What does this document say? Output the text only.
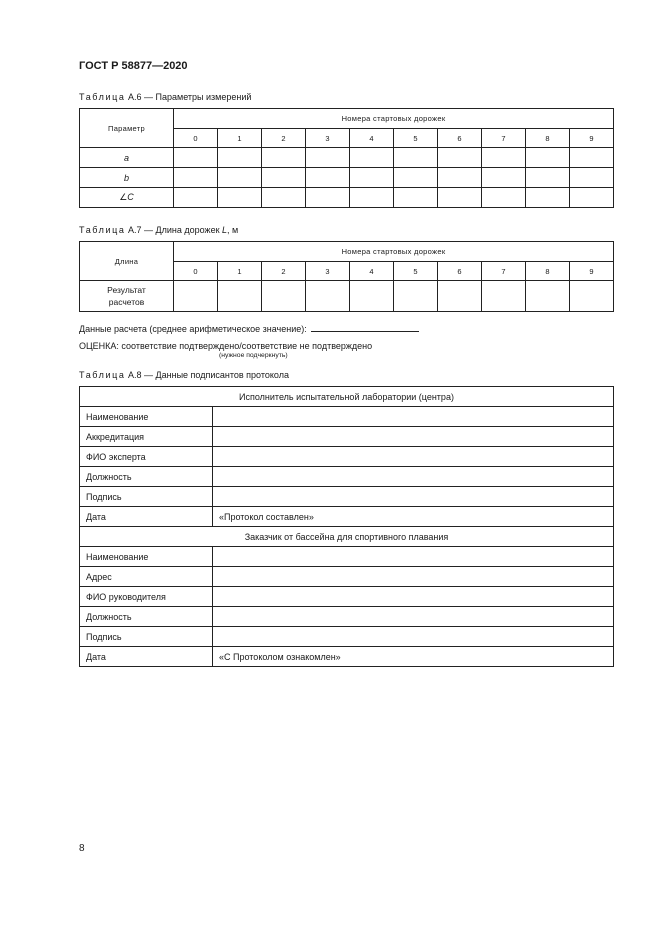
ГОСТ Р 58877—2020
Таблица А.6 — Параметры измерений
Параметр	Номера стартовых дорожек									
	0	1	2	3	4	5	6	7	8	9
a										
b										
∠C										
Таблица А.7 — Длина дорожек L, м
Длина	Номера стартовых дорожек									
	0	1	2	3	4	5	6	7	8	9

Результат
расчетов										

Данные расчета (среднее арифметическое значение):
ОЦЕНКА: соответствие подтверждено/соответствие не подтверждено
(нужное подчеркнуть)
Таблица А.8 — Данные подписантов протокола
Исполнитель испытательной лаборатории (центра)	
Наименование	
Аккредитация	
ФИО эксперта	
Должность	
Подпись	
Дата	«Протокол составлен»
Заказчик от бассейна для спортивного плавания	
Наименование	
Адрес	
ФИО руководителя	
Должность	
Подпись	
Дата	«С Протоколом ознакомлен»
8
